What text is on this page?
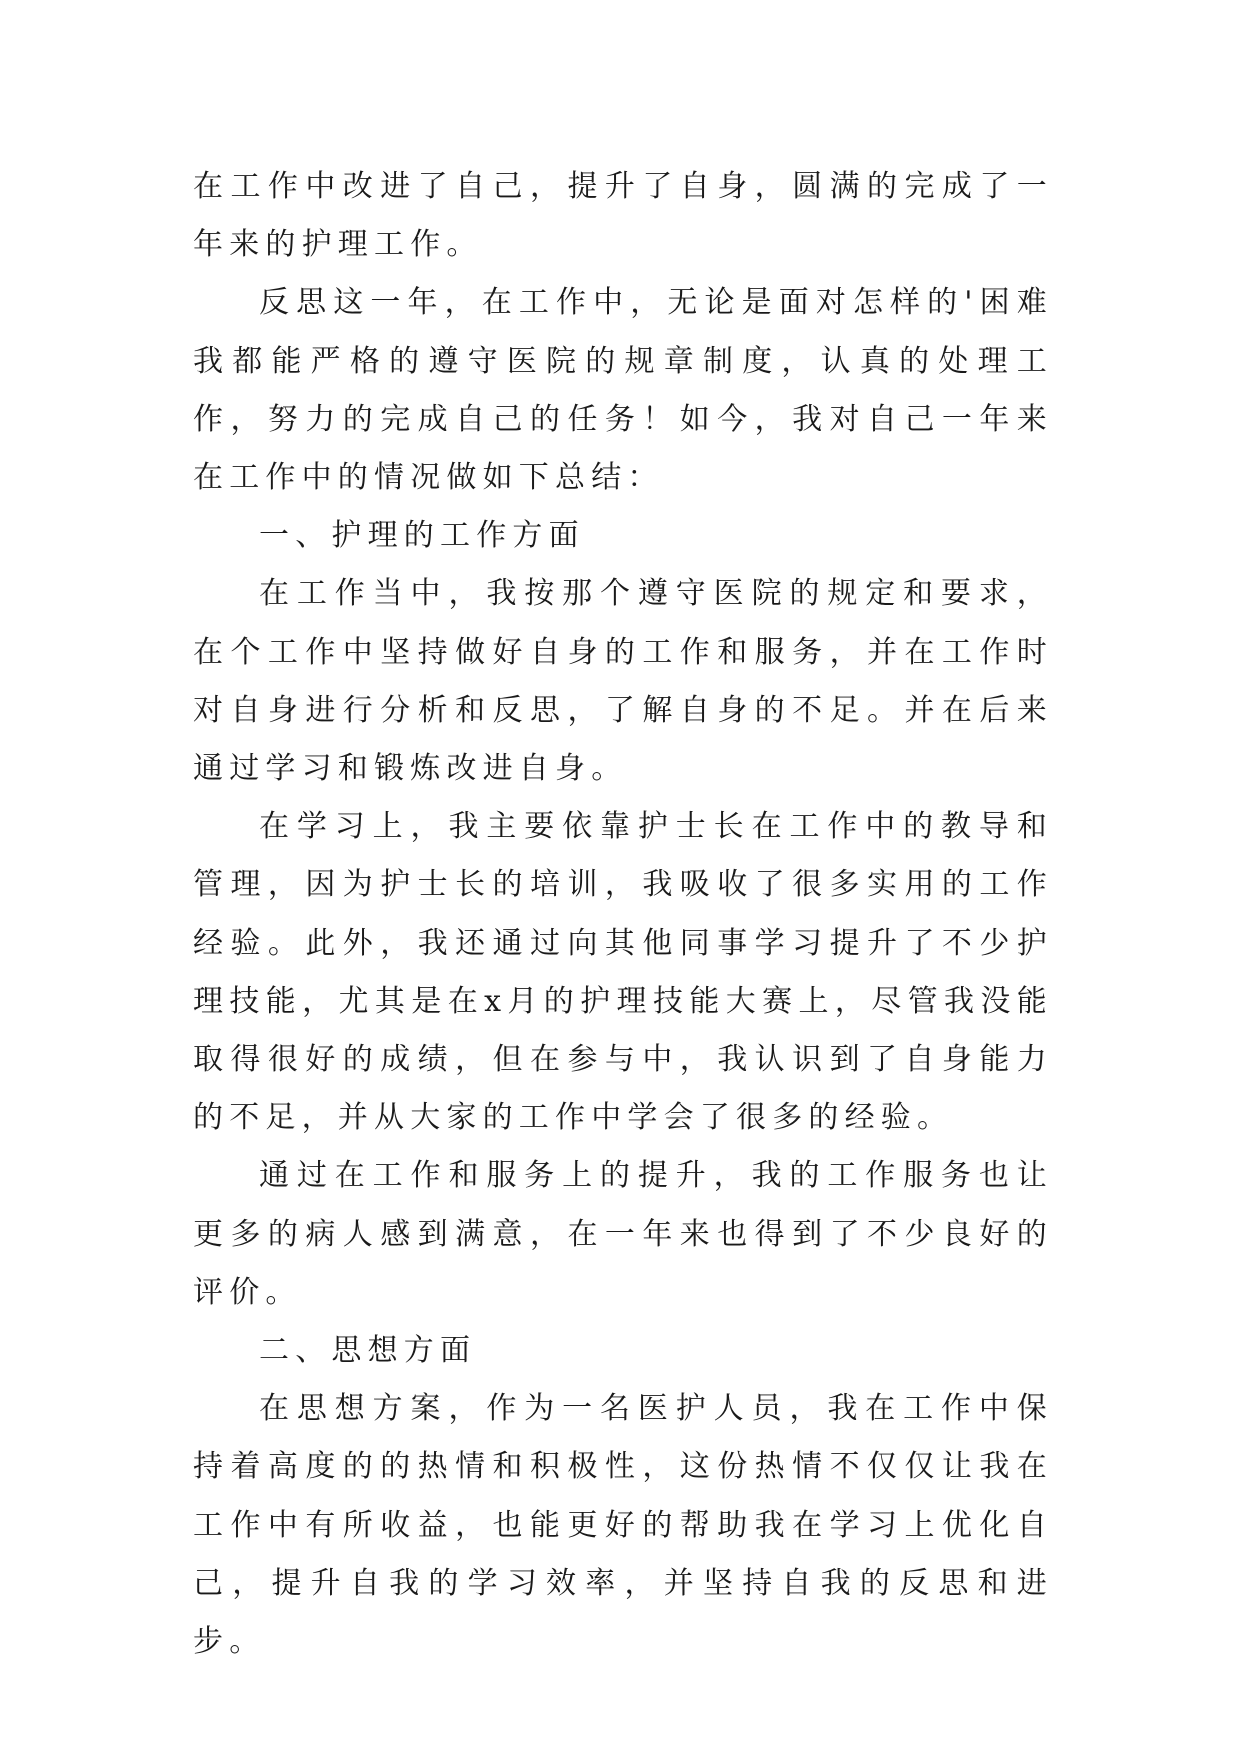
在工作中改进了自己，提升了自身，圆满的完成了一年来的护理工作。

反思这一年，在工作中，无论是面对怎样的'困难我都能严格的遵守医院的规章制度，认真的处理工作，努力的完成自己的任务！如今，我对自己一年来在工作中的情况做如下总结：

一、护理的工作方面

在工作当中，我按那个遵守医院的规定和要求，在个工作中坚持做好自身的工作和服务，并在工作时对自身进行分析和反思，了解自身的不足。并在后来通过学习和锻炼改进自身。

在学习上，我主要依靠护士长在工作中的教导和管理，因为护士长的培训，我吸收了很多实用的工作经验。此外，我还通过向其他同事学习提升了不少护理技能，尤其是在x月的护理技能大赛上，尽管我没能取得很好的成绩，但在参与中，我认识到了自身能力的不足，并从大家的工作中学会了很多的经验。

通过在工作和服务上的提升，我的工作服务也让更多的病人感到满意，在一年来也得到了不少良好的评价。

二、思想方面

在思想方案，作为一名医护人员，我在工作中保持着高度的的热情和积极性，这份热情不仅仅让我在工作中有所收益，也能更好的帮助我在学习上优化自己，提升自我的学习效率，并坚持自我的反思和进步。
